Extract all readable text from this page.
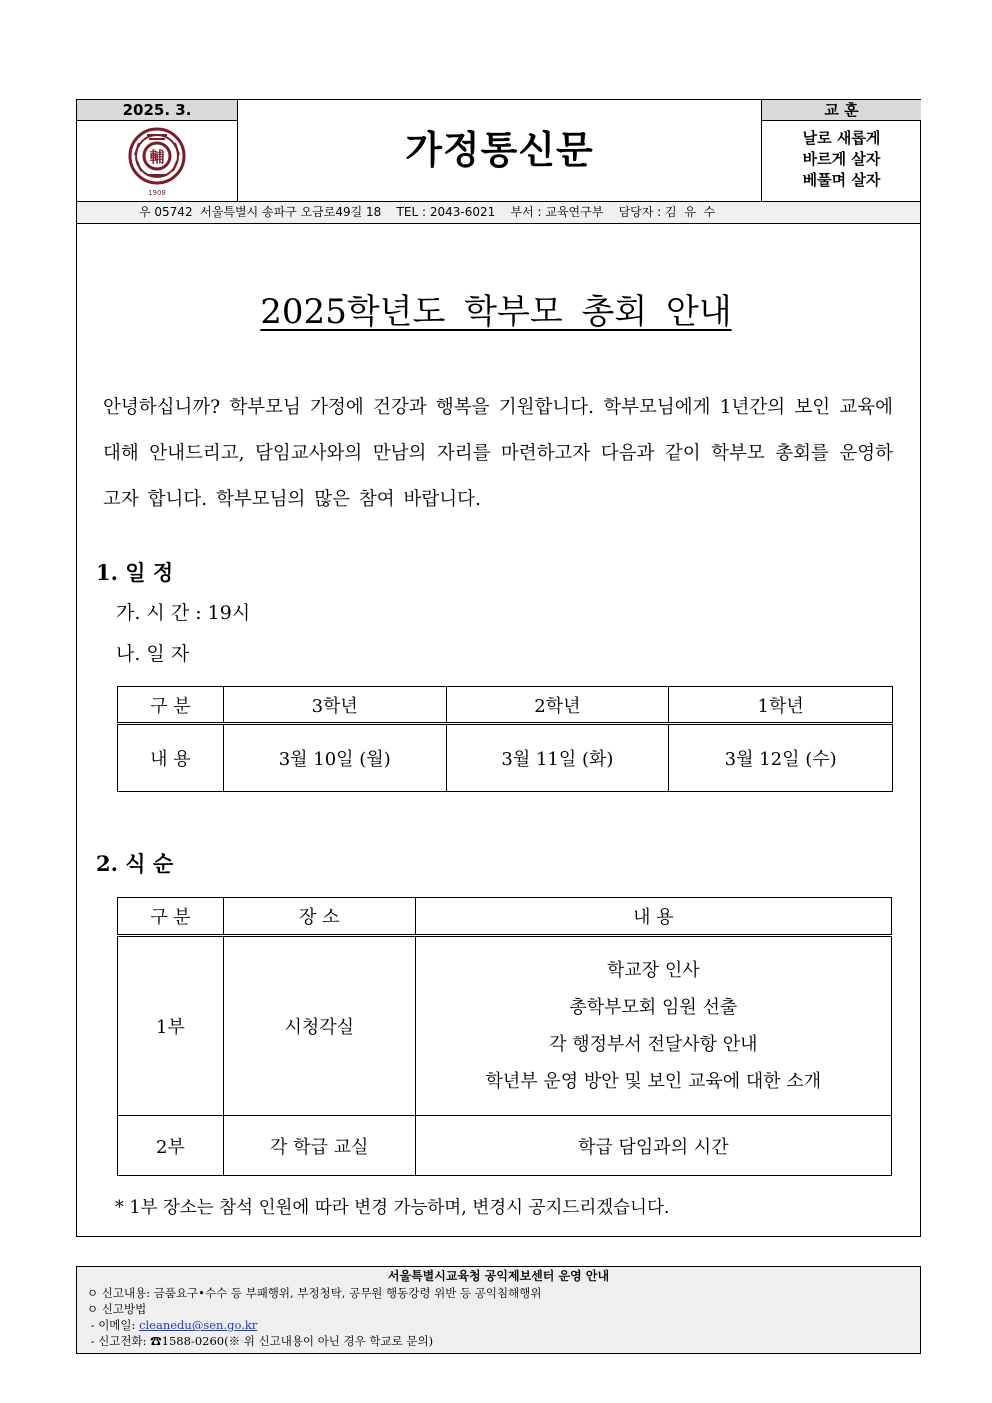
2025. 3.
輔
1908
가정통신문
교 훈
날로 새롭게
바르게 살자
베풀며 살자
우 05742  서울특별시 송파구 오금로49길 18    TEL : 2043-6021    부서 : 교육연구부    담당자 : 김  유  수
2025학년도 학부모 총회 안내
안녕하십니까? 학부모님 가정에 건강과 행복을 기원합니다. 학부모님에게 1년간의 보인 교육에 대해 안내드리고, 담임교사와의 만남의 자리를 마련하고자 다음과 같이 학부모 총회를 운영하고자 합니다. 학부모님의 많은 참여 바랍니다.
1. 일 정
가. 시 간 : 19시
나. 일 자
구 분	3학년	2학년	1학년
내 용	3월 10일 (월)	3월 11일 (화)	3월 12일 (수)
2. 식 순
구 분	장 소	내 용
1부	시청각실	학교장 인사
총학부모회 임원 선출
각 행정부서 전달사항 안내
학년부 운영 방안 및 보인 교육에 대한 소개

2부	각 학급 교실	학급 담임과의 시간
* 1부 장소는 참석 인원에 따라 변경 가능하며, 변경시 공지드리겠습니다.
서울특별시교육청 공익제보센터 운영 안내
ㅇ 신고내용: 금품요구•수수 등 부패행위, 부정청탁, 공무원 행동강령 위반 등 공익침해행위
ㅇ 신고방법
- 이메일: cleanedu@sen.go.kr
- 신고전화: ☎1588-0260(※ 위 신고내용이 아닌 경우 학교로 문의)
